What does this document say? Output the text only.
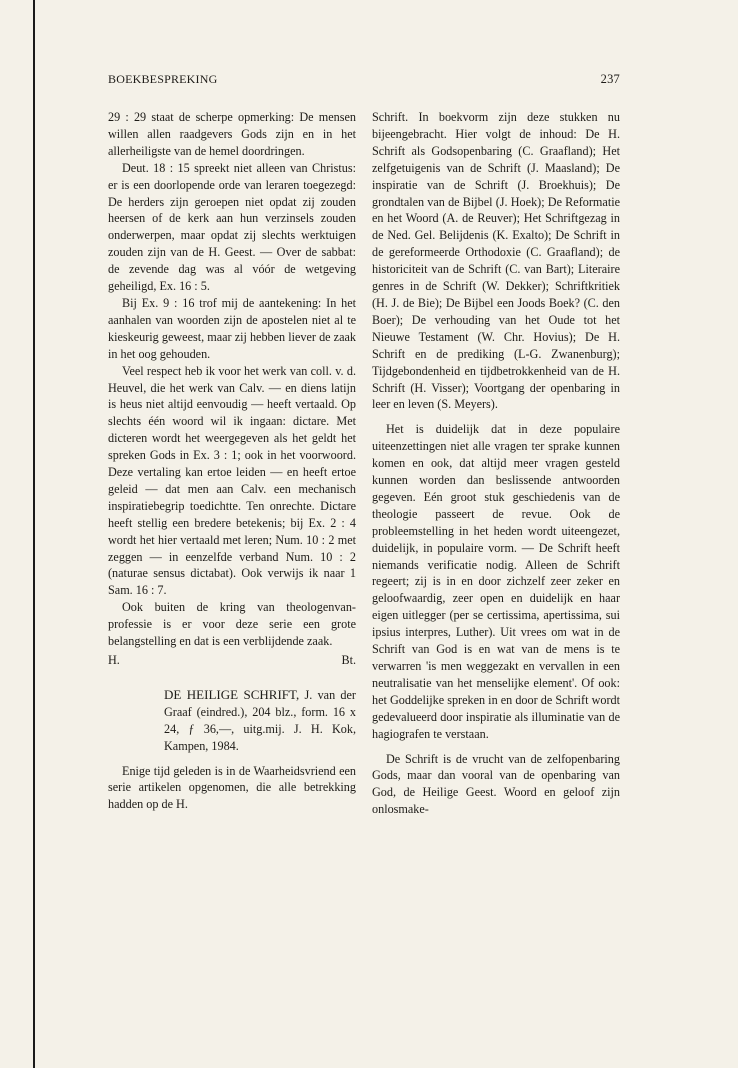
BOEKBESPREKING	237

29 : 29 staat de scherpe opmerking: De mensen willen allen raadgevers Gods zijn en in het allerheiligste van de hemel doordringen.

Deut. 18 : 15 spreekt niet alleen van Christus: er is een doorlopende orde van leraren toegezegd: De herders zijn geroepen niet opdat zij zouden heersen of de kerk aan hun verzinsels zouden onderwerpen, maar opdat zij slechts werktuigen zouden zijn van de H. Geest. — Over de sabbat: de zevende dag was al vóór de wetgeving geheiligd, Ex. 16 : 5.

Bij Ex. 9 : 16 trof mij de aantekening: In het aanhalen van woorden zijn de apostelen niet al te kieskeurig geweest, maar zij hebben liever de zaak in het oog gehouden.

Veel respect heb ik voor het werk van coll. v. d. Heuvel, die het werk van Calv. — en diens latijn is heus niet altijd eenvoudig — heeft vertaald. Op slechts één woord wil ik ingaan: dictare. Met dicteren wordt het weergegeven als het geldt het spreken Gods in Ex. 3 : 1; ook in het voorwoord. Deze vertaling kan ertoe leiden — en heeft ertoe geleid — dat men aan Calv. een mechanisch inspiratiebegrip toedichtte. Ten onrechte. Dictare heeft stellig een bredere betekenis; bij Ex. 2 : 4 wordt het hier vertaald met leren; Num. 10 : 2 met zeggen — in eenzelfde verband Num. 10 : 2 (naturae sensus dictabat). Ook verwijs ik naar 1 Sam. 16 : 7.

Ook buiten de kring van theologenvan-professie is er voor deze serie een grote belangstelling en dat is een verblijdende zaak.

H.	Bt.
DE HEILIGE SCHRIFT, J. van der Graaf (eindred.), 204 blz., form. 16 x 24, ƒ 36,—, uitg.mij. J. H. Kok, Kampen, 1984.

Enige tijd geleden is in de Waarheidsvriend een serie artikelen opgenomen, die alle betrekking hadden op de H.

Schrift. In boekvorm zijn deze stukken nu bijeengebracht. Hier volgt de inhoud: De H. Schrift als Godsopenbaring (C. Graafland); Het zelfgetuigenis van de Schrift (J. Maasland); De inspiratie van de Schrift (J. Broekhuis); De grondtalen van de Bijbel (J. Hoek); De Reformatie en het Woord (A. de Reuver); Het Schriftgezag in de Ned. Gel. Belijdenis (K. Exalto); De Schrift in de gereformeerde Orthodoxie (C. Graafland); de historiciteit van de Schrift (C. van Bart); Literaire genres in de Schrift (W. Dekker); Schriftkritiek (H. J. de Bie); De Bijbel een Joods Boek? (C. den Boer); De verhouding van het Oude tot het Nieuwe Testament (W. Chr. Hovius); De H. Schrift en de prediking (L-G. Zwanenburg); Tijdgebondenheid en tijdbetrokkenheid van de H. Schrift (H. Visser); Voortgang der openbaring in leer en leven (S. Meyers).

Het is duidelijk dat in deze populaire uiteenzettingen niet alle vragen ter sprake kunnen komen en ook, dat altijd meer vragen gesteld kunnen worden dan beslissende antwoorden gegeven. Eén groot stuk geschiedenis van de theologie passeert de revue. Ook de probleemstelling in het heden wordt uiteengezet, duidelijk, in populaire vorm. — De Schrift heeft niemands verificatie nodig. Alleen de Schrift regeert; zij is in en door zichzelf zeer zeker en geloofwaardig, zeer open en duidelijk en haar eigen uitlegger (per se certissima, apertissima, sui ipsius interpres, Luther). Uit vrees om wat in de Schrift van God is en wat van de mens is te verwarren 'is men weggezakt en vervallen in een neutralisatie van het menselijke element'. Of ook: het Goddelijke spreken in en door de Schrift wordt gedevalueerd door inspiratie als illuminatie van de hagiografen te verstaan.

De Schrift is de vrucht van de zelfopenbaring Gods, maar dan vooral van de openbaring van God, de Heilige Geest. Woord en geloof zijn onlosmake-
